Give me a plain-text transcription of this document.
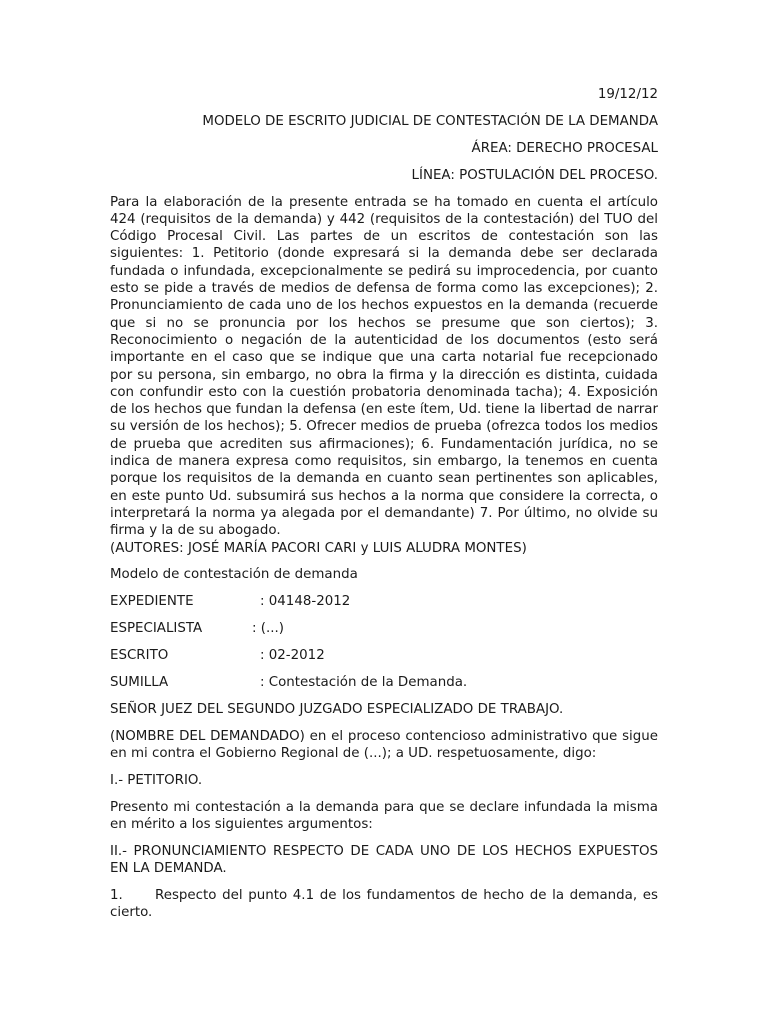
19/12/12

MODELO DE ESCRITO JUDICIAL DE CONTESTACIÓN DE LA DEMANDA

ÁREA: DERECHO PROCESAL

LÍNEA: POSTULACIÓN DEL PROCESO.

Para la elaboración de la presente entrada se ha tomado en cuenta el artículo 424 (requisitos de la demanda) y 442 (requisitos de la contestación) del TUO del Código Procesal Civil. Las partes de un escritos de contestación son las siguientes: 1. Petitorio (donde expresará si la demanda debe ser declarada fundada o infundada, excepcionalmente se pedirá su improcedencia, por cuanto esto se pide a través de medios de defensa de forma como las excepciones); 2. Pronunciamiento de cada uno de los hechos expuestos en la demanda (recuerde que si no se pronuncia por los hechos se presume que son ciertos); 3. Reconocimiento o negación de la autenticidad de los documentos (esto será importante en el caso que se indique que una carta notarial fue recepcionado por su persona, sin embargo, no obra la firma y la dirección es distinta, cuidada con confundir esto con la cuestión probatoria denominada tacha); 4. Exposición de los hechos que fundan la defensa (en este ítem, Ud. tiene la libertad de narrar su versión de los hechos); 5. Ofrecer medios de prueba (ofrezca todos los medios de prueba que acrediten sus afirmaciones); 6. Fundamentación jurídica, no se indica de manera expresa como requisitos, sin embargo, la tenemos en cuenta porque los requisitos de la demanda en cuanto sean pertinentes son aplicables, en este punto Ud. subsumirá sus hechos a la norma que considere la correcta, o interpretará la norma ya alegada por el demandante) 7. Por último, no olvide su firma y la de su abogado.
(AUTORES: JOSÉ MARÍA PACORI CARI y LUIS ALUDRA MONTES)

Modelo de contestación de demanda

EXPEDIENTE	: 04148-2012
ESPECIALISTA	: (...)
ESCRITO	: 02-2012
SUMILLA	: Contestación de la Demanda.

SEÑOR JUEZ DEL SEGUNDO JUZGADO ESPECIALIZADO DE TRABAJO.

(NOMBRE DEL DEMANDADO) en el proceso contencioso administrativo que sigue en mi contra el Gobierno Regional de (...); a UD. respetuosamente, digo:

I.- PETITORIO.

Presento mi contestación a la demanda para que se declare infundada la misma en mérito a los siguientes argumentos:

II.- PRONUNCIAMIENTO RESPECTO DE CADA UNO DE LOS HECHOS EXPUESTOS EN LA DEMANDA.

1. Respecto del punto 4.1 de los fundamentos de hecho de la demanda, es cierto.
